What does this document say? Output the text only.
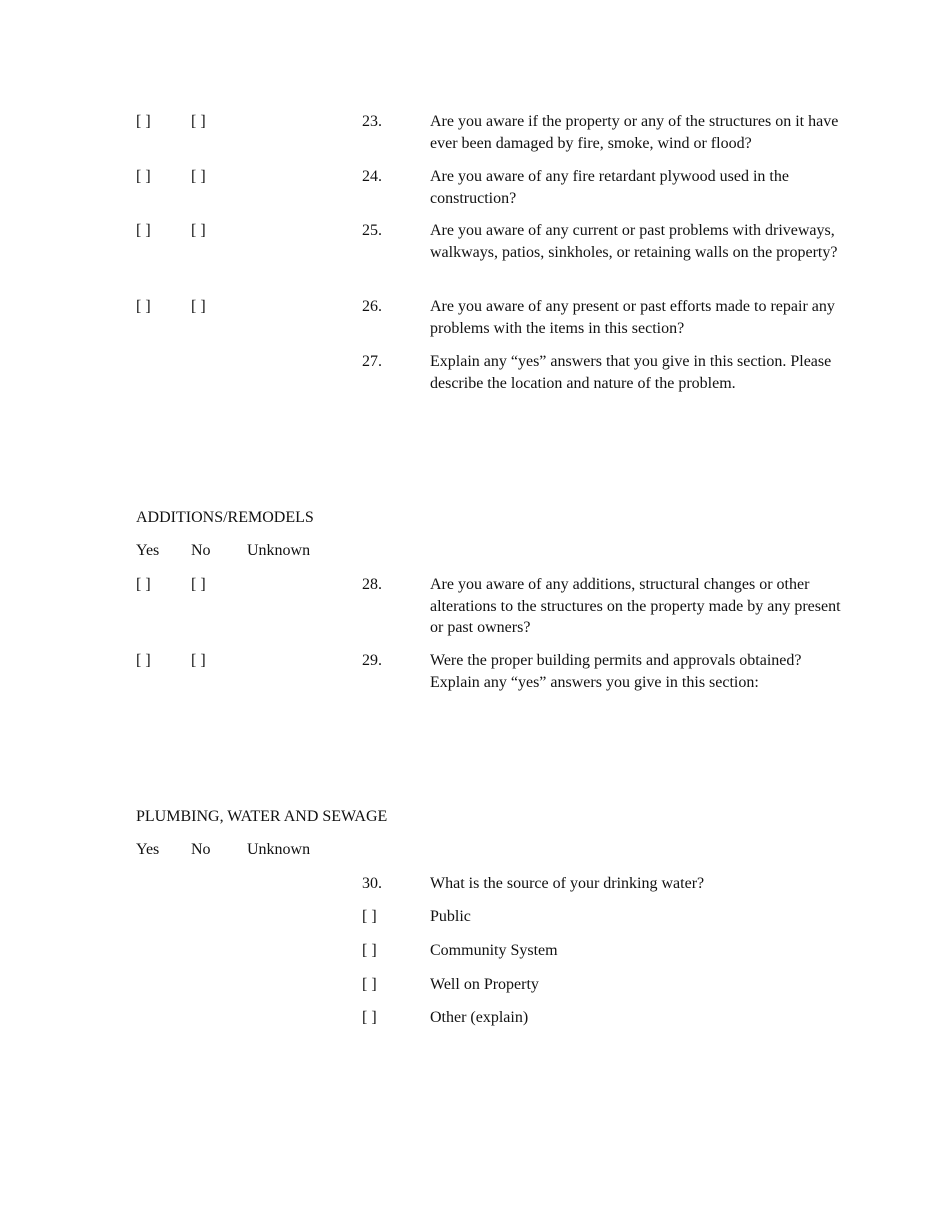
[ ]	[ ]	23.	Are you aware if the property or any of the structures on it have ever been damaged by fire, smoke, wind or flood?
[ ]	[ ]	24.	Are you aware of any fire retardant plywood used in the construction?
[ ]	[ ]	25.	Are you aware of any current or past problems with driveways, walkways, patios, sinkholes, or retaining walls on the property?
[ ]	[ ]	26.	Are you aware of any present or past efforts made to repair any problems with the items in this section?
27.	Explain any “yes” answers that you give in this section. Please describe the location and nature of the problem.
ADDITIONS/REMODELS
Yes No Unknown
[ ]	[ ]	28.	Are you aware of any additions, structural changes or other alterations to the structures on the property made by any present or past owners?
[ ]	[ ]	29.	Were the proper building permits and approvals obtained? Explain any “yes” answers you give in this section:
PLUMBING, WATER AND SEWAGE
Yes No Unknown
30.	What is the source of your drinking water?
[ ]	Public
[ ]	Community System
[ ]	Well on Property
[ ]	Other (explain)
